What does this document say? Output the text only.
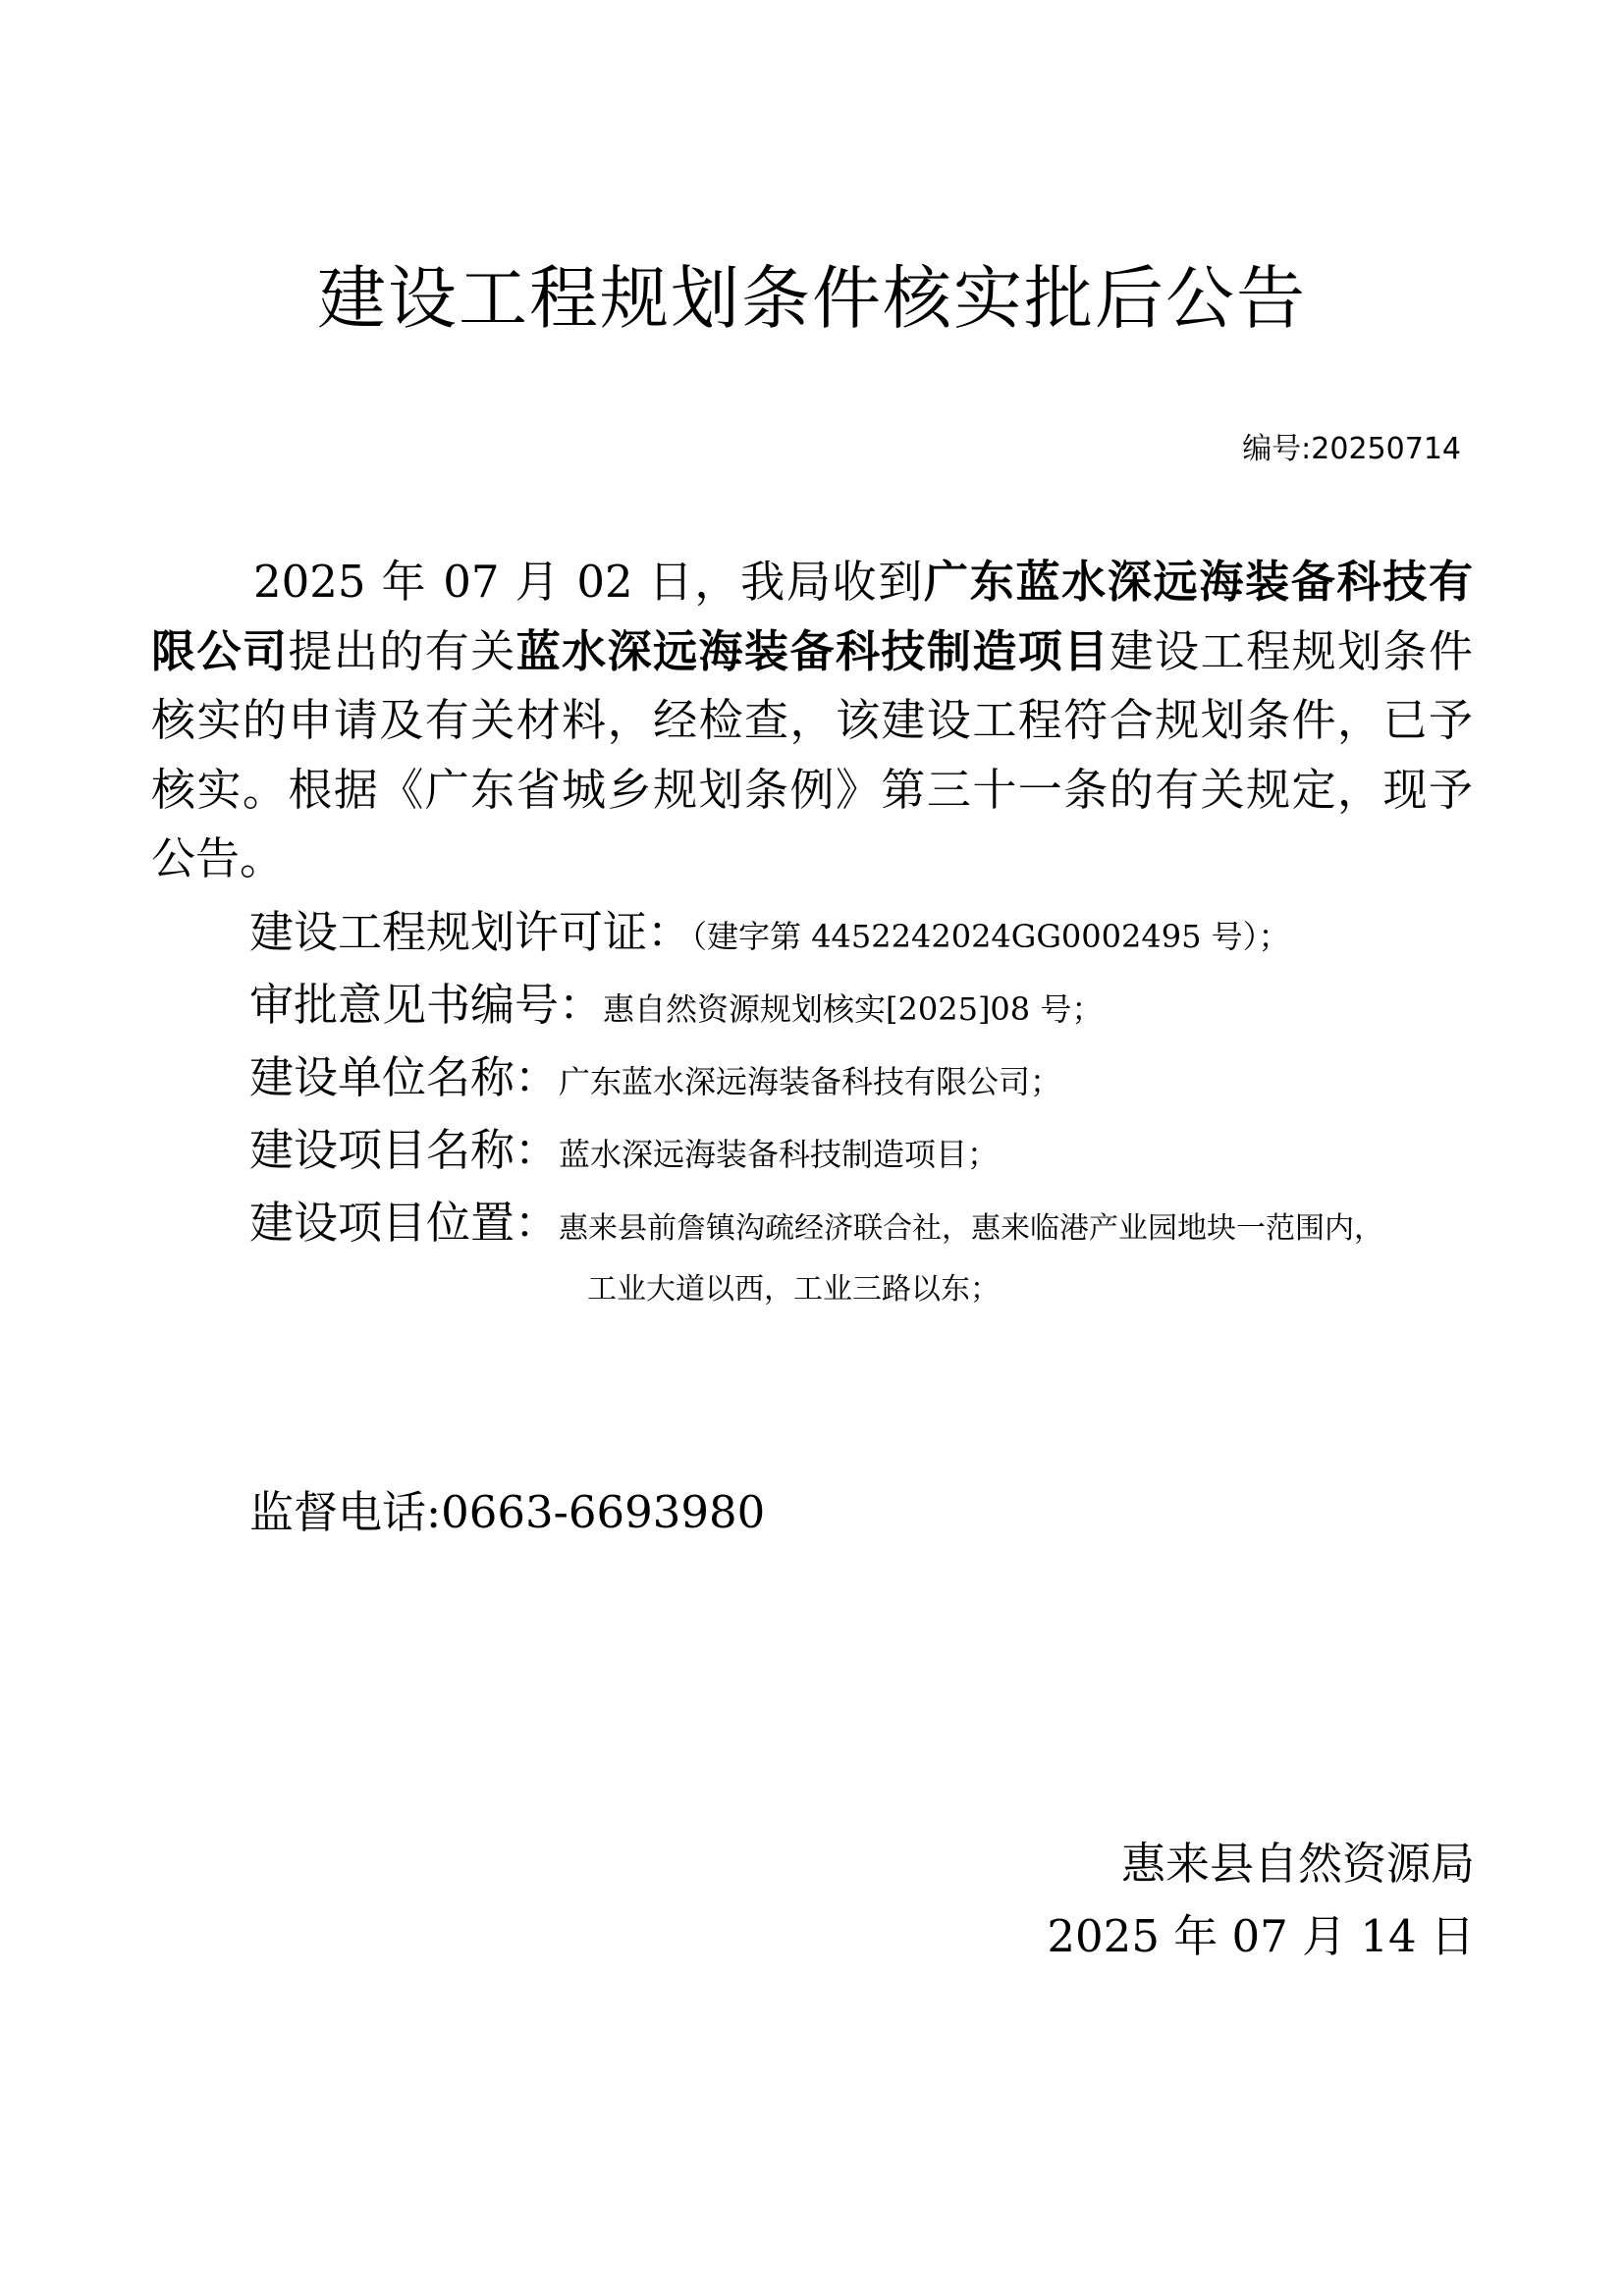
建设工程规划条件核实批后公告
编号:20250714

2025 年 07 月 02 日，我局收到广东蓝水深远海装备科技有限公司提出的有关蓝水深远海装备科技制造项目建设工程规划条件核实的申请及有关材料，经检查，该建设工程符合规划条件，已予核实。根据《广东省城乡规划条例》第三十一条的有关规定，现予公告。

建设工程规划许可证：（建字第 4452242024GG0002495 号）；
审批意见书编号：惠自然资源规划核实[2025]08 号；
建设单位名称：广东蓝水深远海装备科技有限公司；
建设项目名称：蓝水深远海装备科技制造项目；
建设项目位置：惠来县前詹镇沟疏经济联合社，惠来临港产业园地块一范围内，
工业大道以西，工业三路以东；
监督电话:0663-6693980
惠来县自然资源局
2025 年 07 月 14 日
